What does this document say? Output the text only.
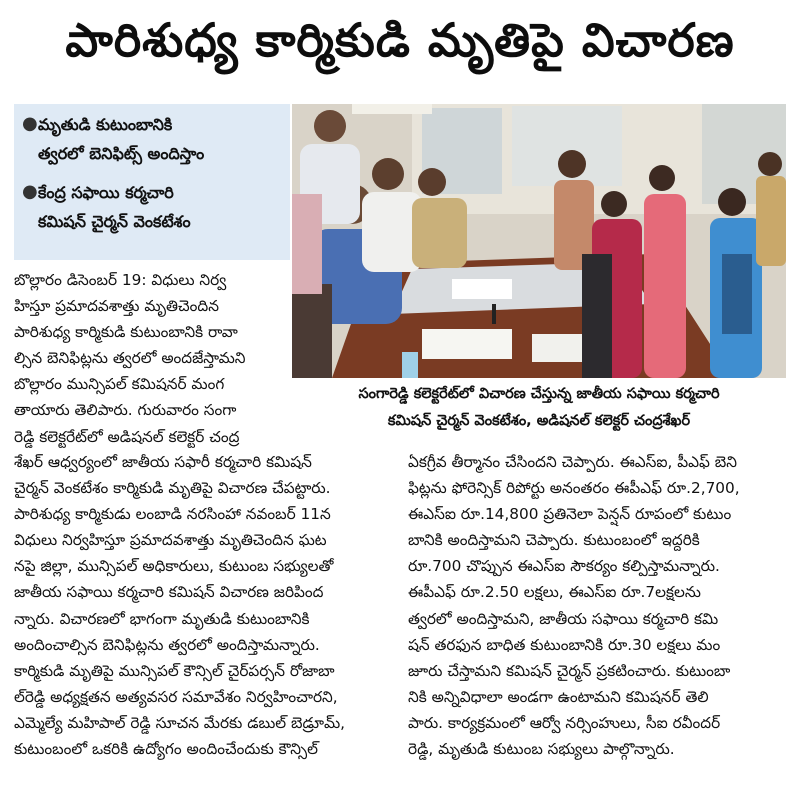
పారిశుధ్య కార్మికుడి మృతిపై విచారణ
● మృతుడి కుటుంబానికి
త్వరలో బెనిఫిట్స్ అందిస్తాం
● కేంద్ర సఫాయి కర్మచారి
కమిషన్ చైర్మన్ వెంకటేశం
సంగారెడ్డి కలెక్టరేట్‌లో విచారణ చేస్తున్న జాతీయ సఫాయి కర్మచారి
కమిషన్ చైర్మన్ వెంకటేశం, అడిషనల్ కలెక్టర్ చంద్రశేఖర్
బొల్లారం డిసెంబర్ 19: విధులు నిర్వ
హిస్తూ ప్రమాదవశాత్తు మృతిచెందిన
పారిశుధ్య కార్మికుడి కుటుంబానికి రావా
ల్సిన బెనిఫిట్లను త్వరలో అందజేస్తామని
బొల్లారం మున్సిపల్ కమిషనర్ మంగ
తాయారు తెలిపారు. గురువారం సంగా
రెడ్డి కలెక్టరేట్‌లో అడిషనల్ కలెక్టర్ చంద్ర
శేఖర్ ఆధ్వర్యంలో జాతీయ సఫారీ కర్మచారి కమిషన్
చైర్మన్ వెంకటేశం కార్మికుడి మృతిపై విచారణ చేపట్టారు.
పారిశుధ్య కార్మికుడు లంబాడి నరసింహా నవంబర్ 11న
విధులు నిర్వహిస్తూ ప్రమాదవశాత్తు మృతిచెందిన ఘట
నపై జిల్లా, మున్సిపల్ అధికారులు, కుటుంబ సభ్యులతో
జాతీయ సఫాయి కర్మచారి కమిషన్ విచారణ జరిపింద
న్నారు. విచారణలో భాగంగా మృతుడి కుటుంబానికి
అందించాల్సిన బెనిఫిట్లను త్వరలో అందిస్తామన్నారు.
కార్మికుడి మృతిపై మున్సిపల్ కౌన్సిల్ చైర్‌పర్సన్ రోజాబా
ల్‌రెడ్డి అధ్యక్షతన అత్యవసర సమావేశం నిర్వహించారని,
ఎమ్మెల్యే మహిపాల్ రెడ్డి సూచన మేరకు డబుల్ బెడ్రూమ్,
కుటుంబంలో ఒకరికి ఉద్యోగం అందించేందుకు కౌన్సిల్
ఏకగ్రీవ తీర్మానం చేసిందని చెప్పారు. ఈఎస్ఐ, పీఎఫ్ బెని
ఫిట్లను ఫోరెన్సిక్ రిపోర్టు అనంతరం ఈపీఎఫ్ రూ.2,700,
ఈఎస్ఐ రూ.14,800 ప్రతినెలా పెన్షన్ రూపంలో కుటుం
బానికి అందిస్తామని చెప్పారు. కుటుంబంలో ఇద్దరికి
రూ.700 చొప్పున ఈఎస్ఐ సౌకర్యం కల్పిస్తామన్నారు.
ఈపీఎఫ్ రూ.2.50 లక్షలు, ఈఎస్ఐ రూ.7లక్షలను
త్వరలో అందిస్తామని, జాతీయ సఫాయి కర్మచారి కమి
షన్ తరఫున బాధిత కుటుంబానికి రూ.30 లక్షలు మం
జూరు చేస్తామని కమిషన్ చైర్మన్ ప్రకటించారు. కుటుంబా
నికి అన్నివిధాలా అండగా ఉంటామని కమిషనర్ తెలి
పారు. కార్యక్రమంలో ఆర్వో నర్సింహులు, సీఐ రవీందర్
రెడ్డి, మృతుడి కుటుంబ సభ్యులు పాల్గొన్నారు.
